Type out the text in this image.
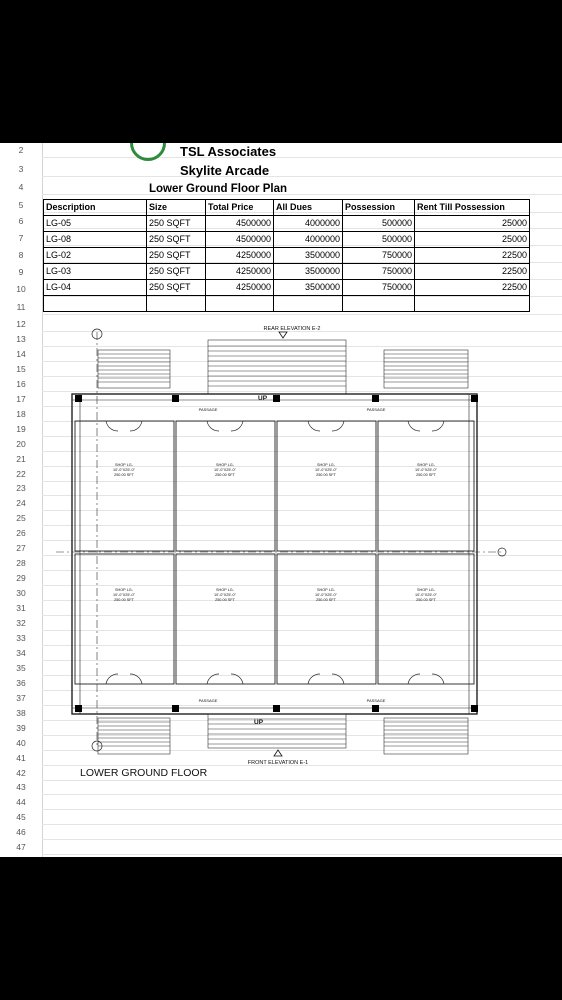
2
3
4
5
6
7
8
9
10
11
12
13
14
15
16
17
18
19
20
21
22
23
24
25
26
27
28
29
30
31
32
33
34
35
36
37
38
39
40
41
42
43
44
45
46
47
TSL Associates
Skylite Arcade
Lower Ground Floor Plan
Description	Size	Total Price	All Dues	Possession	Rent Till Possession
LG-05	250 SQFT	4500000	4000000	500000	25000
LG-08	250 SQFT	4500000	4000000	500000	25000
LG-02	250 SQFT	4250000	3500000	750000	22500
LG-03	250 SQFT	4250000	3500000	750000	22500
LG-04	250 SQFT	4250000	3500000	750000	22500

REAR ELEVATION E-2
FRONT ELEVATION E-1
LOWER GROUND FLOOR
UP
PASSAGE	PASSAGE
PASSAGE	PASSAGE
SHOP LG-
10'-0"X25'-0"
250.00 SFT
SHOP LG-
10'-0"X25'-0"
250.00 SFT
SHOP LG-
10'-0"X25'-0"
250.00 SFT
SHOP LG-
10'-0"X25'-0"
250.00 SFT
SHOP LG-
10'-0"X25'-0"
250.00 SFT
SHOP LG-
10'-0"X25'-0"
250.00 SFT
SHOP LG-
10'-0"X25'-0"
250.00 SFT
SHOP LG-
10'-0"X25'-0"
250.00 SFT
UP
